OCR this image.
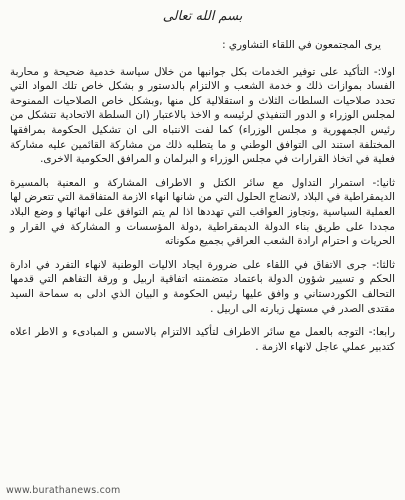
بسم الله تعالى
يرى المجتمعون في اللقاء التشاوري :
اولا:- التأكيد على توفير الخدمات بكل جوانبها من خلال سياسة خدمية ضحيحة و محاربة الفساد بموازات ذلك و خدمة الشعب و الالتزام بالدستور و بشكل خاص تلك المواد التي تحدد صلاحيات السلطات الثلاث و استقلالية كل منها ,وبشكل خاص الصلاحيات الممنوحة لمجلس الوزراء و الدور التنفيذي لرئيسه و الاخذ بالاعتبار (ان السلطة الاتحادية تتشكل من رئيس الجمهورية و مجلس الوزراء) كما لفت الانتباه الى ان تشكيل الحكومة بمرافقها المختلفة استند الى التوافق الوطني و ما يتطلبه ذلك من مشاركة القائمين عليه مشاركة فعلية في اتخاذ القرارات في مجلس الوزراء و البرلمان و المرافق الحكومية الاخرى.
ثانيا:- استمرار التداول مع سائر الكتل و الاطراف المشاركة و المعنية بالمسيرة الديمقراطية في البلاد ,لانضاج الحلول التي من شانها انهاء الازمة المتفاقمة التي تتعرض لها العملية السياسية ,وتجاوز العواقب التي تهددها اذا لم يتم التوافق على انهائها و وضع البلاد مجددا على طريق بناء الدولة الديمقراطية ,دولة المؤسسات و المشاركة في القرار و الحريات و احترام ارادة الشعب العراقي بجميع مكوناته
ثالثا:- جرى الاتفاق في اللقاء على ضرورة ايجاد الاليات الوطنية لانهاء التفرد في ادارة الحكم و تسيير شؤون الدولة باعتماد متضمنته اتفاقية اربيل و ورقة التفاهم التي قدمها التحالف الكوردستاني و وافق عليها رئيس الحكومة و البيان الذي ادلى به سماحة السيد مقتدى الصدر في مستهل زيارته الى اربيل .
رابعا:- التوجه بالعمل مع سائر الاطراف لتأكيد الالتزام بالاسس و المبادىء و الاطر اعلاه كتدبير عملي عاجل لانهاء الازمة .
www.burathanews.com
